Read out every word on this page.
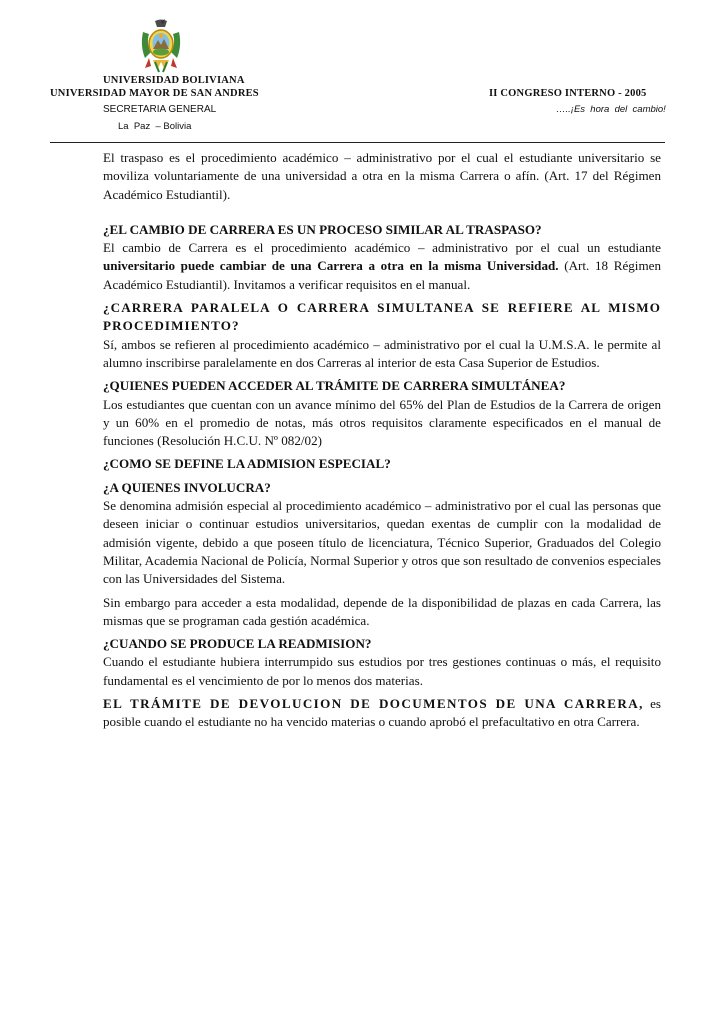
UNIVERSIDAD BOLIVIANA
UNIVERSIDAD MAYOR DE SAN ANDRES	II CONGRESO INTERNO - 2005
SECRETARIA GENERAL	…..¡Es  hora  del  cambio!
La  Paz  – Bolivia

El traspaso es el procedimiento académico – administrativo por el cual el estudiante universitario se moviliza voluntariamente de una universidad a otra en la misma Carrera o afín. (Art. 17 del Régimen Académico Estudiantil).

¿EL CAMBIO DE CARRERA ES UN PROCESO SIMILAR AL TRASPASO?

El cambio de Carrera es el procedimiento académico – administrativo por el cual un estudiante universitario puede cambiar de una Carrera a otra en la misma Universidad. (Art. 18 Régimen Académico Estudiantil). Invitamos a verificar requisitos en el manual.

¿CARRERA PARALELA O CARRERA SIMULTANEA SE REFIERE AL MISMO PROCEDIMIENTO?

Sí, ambos se refieren al procedimiento académico – administrativo por el cual la U.M.S.A. le permite al alumno inscribirse paralelamente en dos Carreras al interior de esta Casa Superior de Estudios.

¿QUIENES PUEDEN ACCEDER AL TRÁMITE DE CARRERA SIMULTÁNEA?

Los estudiantes que cuentan con un avance mínimo del 65% del Plan de Estudios de la Carrera de origen y un 60% en el promedio de notas, más otros requisitos claramente especificados en el manual de funciones (Resolución H.C.U. Nº 082/02)

¿COMO SE DEFINE LA ADMISION ESPECIAL?
¿A QUIENES INVOLUCRA?

Se denomina admisión especial al procedimiento académico – administrativo por el cual las personas que deseen iniciar o continuar estudios universitarios, quedan exentas de cumplir con la modalidad de admisión vigente, debido a que poseen título de licenciatura, Técnico Superior, Graduados del Colegio Militar, Academia Nacional de Policía, Normal Superior y otros que son resultado de convenios especiales con las Universidades del Sistema.

Sin embargo para acceder a esta modalidad, depende de la disponibilidad de plazas en cada Carrera, las mismas que se programan cada gestión académica.

¿CUANDO SE PRODUCE LA READMISION?

Cuando el estudiante hubiera interrumpido sus estudios por tres gestiones continuas o más, el requisito fundamental es el vencimiento de por lo menos dos materias.

EL TRÁMITE DE DEVOLUCION DE DOCUMENTOS DE UNA CARRERA, es posible cuando el estudiante no ha vencido materias o cuando aprobó el prefacultativo en otra Carrera.
